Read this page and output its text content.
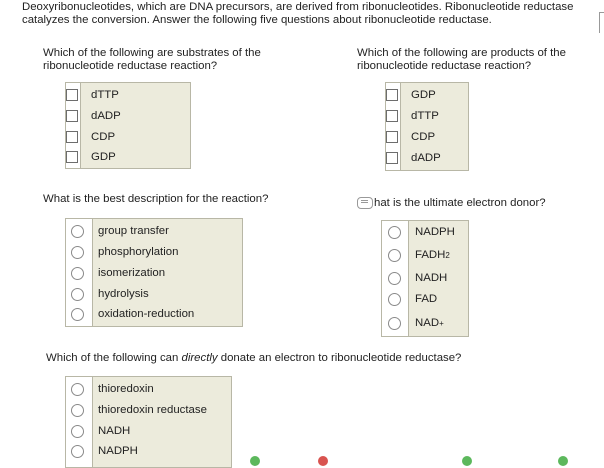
Deoxyribonucleotides, which are DNA precursors, are derived from ribonucleotides. Ribonucleotide reductase catalyzes the conversion. Answer the following five questions about ribonucleotide reductase.
Which of the following are substrates of the ribonucleotide reductase reaction?
dTTP
dADP
CDP
GDP
Which of the following are products of the ribonucleotide reductase reaction?
GDP
dTTP
CDP
dADP
What is the best description for the reaction?
group transfer
phosphorylation
isomerization
hydrolysis
oxidation-reduction
hat is the ultimate electron donor?
NADPH
FADH 2
NADH
FAD
NAD +
Which of the following can directly donate an electron to ribonucleotide reductase?
thioredoxin
thioredoxin reductase
NADH
NADPH
